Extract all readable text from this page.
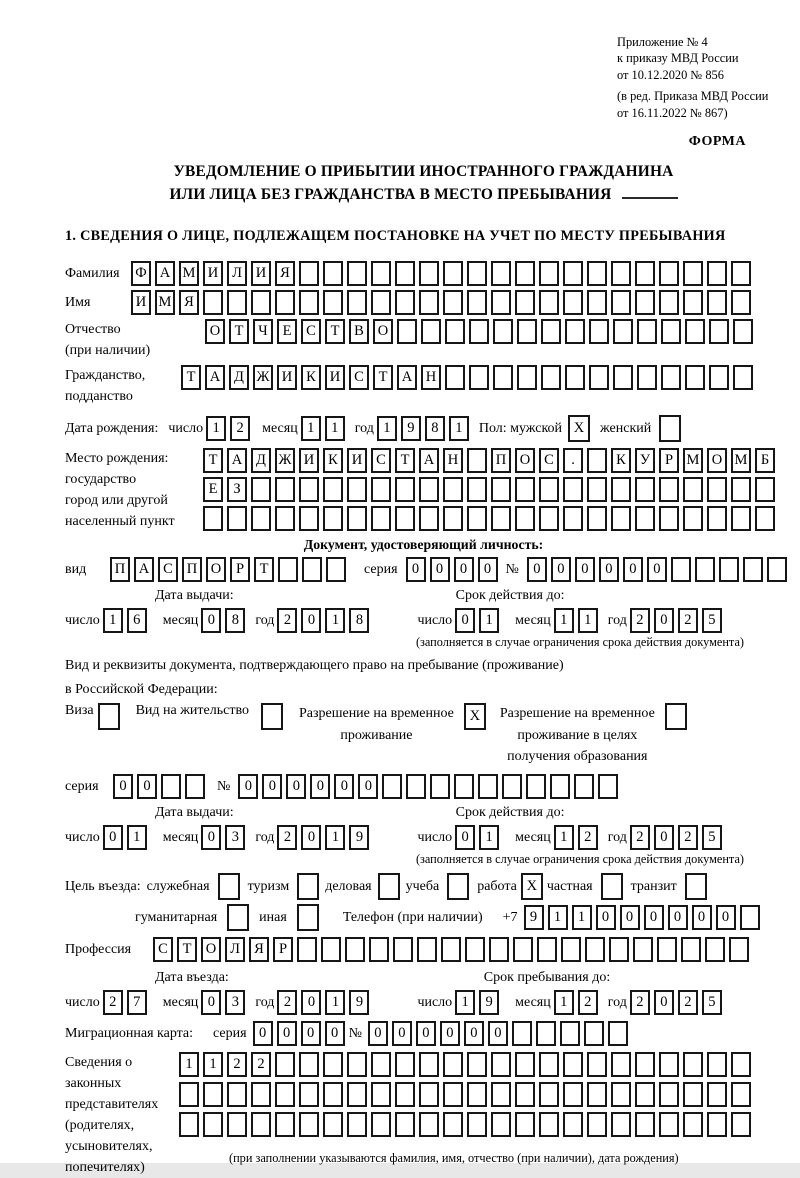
Приложение № 4
к приказу МВД России
от 10.12.2020 № 856
(в ред. Приказа МВД России
от 16.11.2022 № 867)
ФОРМА
УВЕДОМЛЕНИЕ О ПРИБЫТИИ ИНОСТРАННОГО ГРАЖДАНИНА
ИЛИ ЛИЦА БЕЗ ГРАЖДАНСТВА В МЕСТО ПРЕБЫВАНИЯ
1. СВЕДЕНИЯ О ЛИЦЕ, ПОДЛЕЖАЩЕМ ПОСТАНОВКЕ НА УЧЕТ ПО МЕСТУ ПРЕБЫВАНИЯ
Фамилия	Ф А М И Л И Я
Имя	И М Я
Отчество
(при наличии)
О Т	Ч	Е	С	Т	В О
Гражданство,
подданство
Т А Д Ж И К И С	Т А Н
Дата рождения: число 1	2	месяц 1	1	год 1	9	8	1	Пол: мужской X	женский
Место рождения:
государство
город или другой
населенный пункт
Т А Д Ж И К И С	Т А Н	П О С	.	К У	Р М О М Б
Е	З
Документ, удостоверяющий личность:
вид	П А С П О	Р	Т	серия 0	0	0	0	№ 0	0	0	0	0	0
Дата выдачи:	Срок действия до:
число 1	6	месяц 0	8	год 2	0	1	8	число 0	1	месяц 1	1	год 2	0	2	5
(заполняется в случае ограничения срока действия документа)
Вид и реквизиты документа, подтверждающего право на пребывание (проживание)
в Российской Федерации:
Виза	Вид на жительство	Разрешение на временное
проживание
X	Разрешение на временное
проживание в целях
получения образования
серия	0	0	№ 0	0	0	0	0	0
Дата выдачи:	Срок действия до:
число 0	1	месяц 0	3	год 2	0	1	9	число 0	1	месяц 1	2	год 2	0	2	5
(заполняется в случае ограничения срока действия документа)
Цель въезда: служебная	туризм	деловая учеба	работа X частная	транзит
гуманитарная	иная	Телефон (при наличии) +7 9	1	1	0	0	0	0	0	0
Профессия	С	Т О Л Я	Р
Дата въезда:	Срок пребывания до:
число 2	7	месяц 0	3	год 2	0	1	9	число 1	9	месяц 1	2	год 2	0	2	5
Миграционная карта: серия 0	0	0	0 № 0	0	0	0	0	0
Сведения о
законных
представителях
(родителях,
усыновителях,
попечителях)
1	1	2	2
(при заполнении указываются фамилия, имя, отчество (при наличии), дата рождения)
